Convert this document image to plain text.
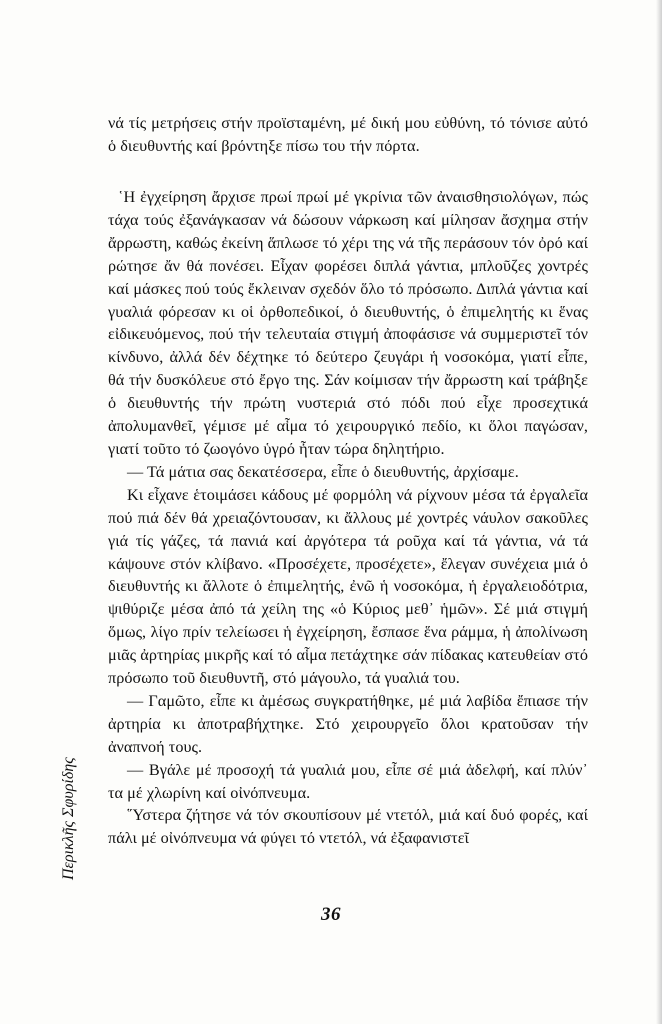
νά τίς μετρήσεις στήν προϊσταμένη, μέ δική μου εὐθύνη, τό τόνισε αὐτό ὁ διευθυντής καί βρόντηξε πίσω του τήν πόρτα.

῾Η ἐγχείρηση ἄρχισε πρωί πρωί μέ γκρίνια τῶν ἀναισθησιολόγων, πώς τάχα τούς ἐξανάγκασαν νά δώσουν νάρκωση καί μίλησαν ἄσχημα στήν ἄρρωστη, καθώς ἐκείνη ἅπλωσε τό χέρι της νά τῆς περάσουν τόν ὀρό καί ρώτησε ἄν θά πονέσει. Εἶχαν φορέσει διπλά γάντια, μπλοῦζες χοντρές καί μάσκες πού τούς ἔκλειναν σχεδόν ὅλο τό πρόσωπο. Διπλά γάντια καί γυαλιά φόρεσαν κι οἱ ὀρθοπεδικοί, ὁ διευθυντής, ὁ ἐπιμελητής κι ἕνας εἰδικευόμενος, πού τήν τελευταία στιγμή ἀποφάσισε νά συμμεριστεῖ τόν κίνδυνο, ἀλλά δέν δέχτηκε τό δεύτερο ζευγάρι ἡ νοσοκόμα, γιατί εἶπε, θά τήν δυσκόλευε στό ἔργο της. Σάν κοίμισαν τήν ἄρρωστη καί τράβηξε ὁ διευθυντής τήν πρώτη νυστεριά στό πόδι πού εἶχε προσεχτικά ἀπολυμανθεῖ, γέμισε μέ αἷμα τό χειρουργικό πεδίο, κι ὅλοι παγώσαν, γιατί τοῦτο τό ζωογόνο ὑγρό ἦταν τώρα δηλητήριο.

— Τά μάτια σας δεκατέσσερα, εἶπε ὁ διευθυντής, ἀρχίσαμε.

Κι εἶχανε ἑτοιμάσει κάδους μέ φορμόλη νά ρίχνουν μέσα τά ἐργαλεῖα πού πιά δέν θά χρειαζόντουσαν, κι ἄλλους μέ χοντρές νάυλον σακοῦλες γιά τίς γάζες, τά πανιά καί ἀργότερα τά ροῦχα καί τά γάντια, νά τά κάψουνε στόν κλίβανο. «Προσέχετε, προσέχετε», ἔλεγαν συνέχεια μιά ὁ διευθυντής κι ἄλλοτε ὁ ἐπιμελητής, ἐνῶ ἡ νοσοκόμα, ἡ ἐργαλειοδότρια, ψιθύριζε μέσα ἀπό τά χείλη της «ὁ Κύριος μεθ᾿ ἡμῶν». Σέ μιά στιγμή ὅμως, λίγο πρίν τελείωσει ἡ ἐγχείρηση, ἔσπασε ἕνα ράμμα, ἡ ἀπολίνωση μιᾶς ἀρτηρίας μικρῆς καί τό αἷμα πετάχτηκε σάν πίδακας κατευθείαν στό πρόσωπο τοῦ διευθυντῆ, στό μάγουλο, τά γυαλιά του.

— Γαμῶτο, εἶπε κι ἀμέσως συγκρατήθηκε, μέ μιά λαβίδα ἔπιασε τήν ἀρτηρία κι ἀποτραβήχτηκε. Στό χειρουργεῖο ὅλοι κρατοῦσαν τήν ἀναπνοή τους.

— Βγάλε μέ προσοχή τά γυαλιά μου, εἶπε σέ μιά ἀδελφή, καί πλύν᾿ τα μέ χλωρίνη καί οἰνόπνευμα.

῞Υστερα ζήτησε νά τόν σκουπίσουν μέ ντετόλ, μιά καί δυό φορές, καί πάλι μέ οἰνόπνευμα νά φύγει τό ντετόλ, νά ἐξαφανιστεῖ

Περικλῆς Σφυρίδης
36
